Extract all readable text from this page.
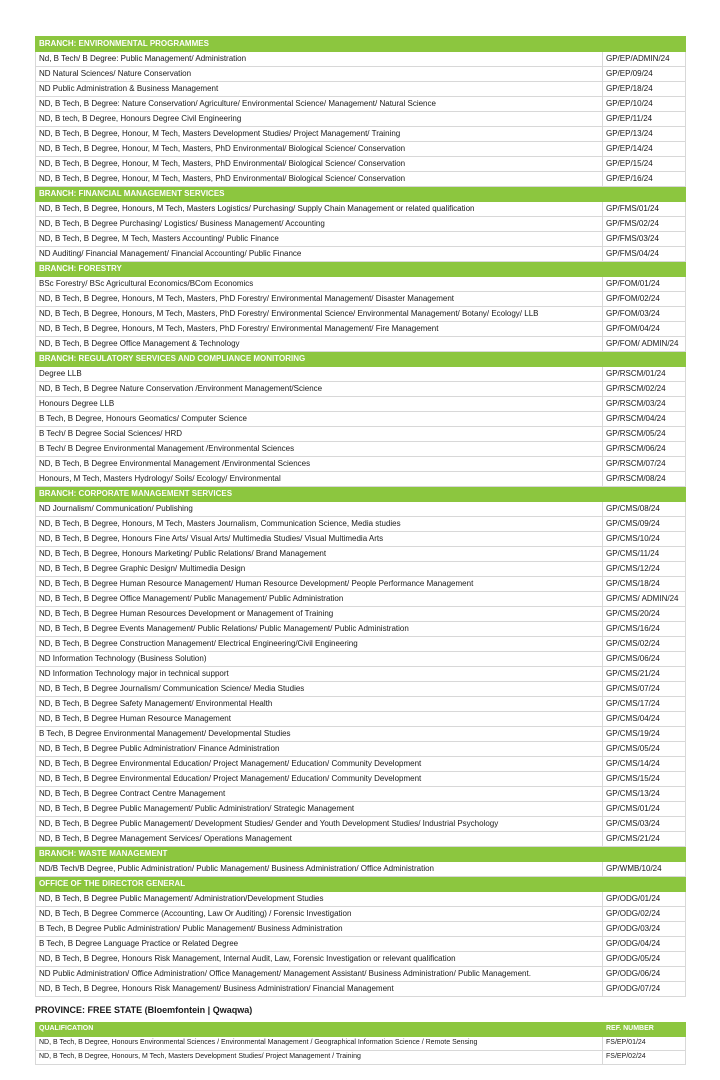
BRANCH: ENVIRONMENTAL PROGRAMMES	
Nd, B Tech/ B Degree: Public Management/ Administration	GP/EP/ADMIN/24
ND Natural Sciences/ Nature Conservation	GP/EP/09/24
ND Public Administration & Business Management	GP/EP/18/24
ND, B Tech, B Degree: Nature Conservation/ Agriculture/ Environmental Science/ Management/ Natural Science	GP/EP/10/24
ND, B tech, B Degree, Honours Degree Civil Engineering	GP/EP/11/24
ND, B Tech, B Degree, Honour, M Tech, Masters Development Studies/ Project Management/ Training	GP/EP/13/24
ND, B Tech, B Degree, Honour, M Tech, Masters, PhD Environmental/ Biological Science/ Conservation	GP/EP/14/24
ND, B Tech, B Degree, Honour, M Tech, Masters, PhD Environmental/ Biological Science/ Conservation	GP/EP/15/24
ND, B Tech, B Degree, Honour, M Tech, Masters, PhD Environmental/ Biological Science/ Conservation	GP/EP/16/24
BRANCH: FINANCIAL MANAGEMENT SERVICES	
ND, B Tech, B Degree, Honours, M Tech, Masters Logistics/ Purchasing/ Supply Chain Management or related qualification	GP/FMS/01/24
ND, B Tech, B Degree Purchasing/ Logistics/ Business Management/ Accounting	GP/FMS/02/24
ND, B Tech, B Degree, M Tech, Masters Accounting/ Public Finance	GP/FMS/03/24
ND Auditing/ Financial Management/ Financial Accounting/ Public Finance	GP/FMS/04/24
BRANCH: FORESTRY	
BSc Forestry/ BSc Agricultural Economics/BCom Economics	GP/FOM/01/24
ND, B Tech, B Degree, Honours, M Tech, Masters, PhD Forestry/ Environmental Management/ Disaster Management	GP/FOM/02/24
ND, B Tech, B Degree, Honours, M Tech, Masters, PhD Forestry/ Environmental Science/ Environmental Management/ Botany/ Ecology/ LLB	GP/FOM/03/24
ND, B Tech, B Degree, Honours, M Tech, Masters, PhD Forestry/ Environmental Management/ Fire Management	GP/FOM/04/24
ND, B Tech, B Degree Office Management & Technology	GP/FOM/ ADMIN/24
BRANCH: REGULATORY SERVICES AND COMPLIANCE MONITORING	
Degree LLB	GP/RSCM/01/24
ND, B Tech, B Degree Nature Conservation /Environment Management/Science	GP/RSCM/02/24
Honours Degree LLB	GP/RSCM/03/24
B Tech, B Degree, Honours Geomatics/ Computer Science	GP/RSCM/04/24
B Tech/ B Degree Social Sciences/ HRD	GP/RSCM/05/24
B Tech/ B Degree Environmental Management /Environmental Sciences	GP/RSCM/06/24
ND, B Tech, B Degree Environmental Management /Environmental Sciences	GP/RSCM/07/24
Honours, M Tech, Masters Hydrology/ Soils/ Ecology/ Environmental	GP/RSCM/08/24
BRANCH: CORPORATE MANAGEMENT SERVICES	
ND Journalism/ Communication/ Publishing	GP/CMS/08/24
ND, B Tech, B Degree, Honours, M Tech, Masters Journalism, Communication Science, Media studies	GP/CMS/09/24
ND, B Tech, B Degree, Honours Fine Arts/ Visual Arts/ Multimedia Studies/ Visual Multimedia Arts	GP/CMS/10/24
ND, B Tech, B Degree, Honours Marketing/ Public Relations/ Brand Management	GP/CMS/11/24
ND, B Tech, B Degree Graphic Design/ Multimedia Design	GP/CMS/12/24
ND, B Tech, B Degree Human Resource Management/ Human Resource Development/ People Performance Management	GP/CMS/18/24
ND, B Tech, B Degree Office Management/ Public Management/ Public Administration	GP/CMS/ ADMIN/24
ND, B Tech, B Degree Human Resources Development or Management of Training	GP/CMS/20/24
ND, B Tech, B Degree Events Management/ Public Relations/ Public Management/ Public Administration	GP/CMS/16/24
ND, B Tech, B Degree Construction Management/ Electrical Engineering/Civil Engineering	GP/CMS/02/24
ND Information Technology (Business Solution)	GP/CMS/06/24
ND Information Technology major in technical support	GP/CMS/21/24
ND, B Tech, B Degree Journalism/ Communication Science/ Media Studies	GP/CMS/07/24
ND, B Tech, B Degree Safety Management/ Environmental Health	GP/CMS/17/24
ND, B Tech, B Degree Human Resource Management	GP/CMS/04/24
B Tech, B Degree Environmental Management/ Developmental Studies	GP/CMS/19/24
ND, B Tech, B Degree Public Administration/ Finance Administration	GP/CMS/05/24
ND, B Tech, B Degree Environmental Education/ Project Management/ Education/ Community Development	GP/CMS/14/24
ND, B Tech, B Degree Environmental Education/ Project Management/ Education/ Community Development	GP/CMS/15/24
ND, B Tech, B Degree Contract Centre Management	GP/CMS/13/24
ND, B Tech, B Degree Public Management/ Public Administration/ Strategic Management	GP/CMS/01/24
ND, B Tech, B Degree Public Management/ Development Studies/ Gender and Youth Development Studies/ Industrial Psychology	GP/CMS/03/24
ND, B Tech, B Degree Management Services/ Operations Management	GP/CMS/21/24
BRANCH: WASTE MANAGEMENT	
ND/B Tech/B Degree, Public Administration/ Public Management/ Business Administration/ Office Administration	GP/WMB/10/24
OFFICE OF THE DIRECTOR GENERAL	
ND, B Tech, B Degree Public Management/ Administration/Development Studies	GP/ODG/01/24
ND, B Tech, B Degree Commerce (Accounting, Law Or Auditing) / Forensic Investigation	GP/ODG/02/24
B Tech, B Degree Public Administration/ Public Management/ Business Administration	GP/ODG/03/24
B Tech, B Degree Language Practice or Related Degree	GP/ODG/04/24
ND, B Tech, B Degree, Honours Risk Management, Internal Audit, Law, Forensic Investigation or relevant qualification	GP/ODG/05/24
ND Public Administration/ Office Administration/ Office Management/ Management Assistant/ Business Administration/ Public Management.	GP/ODG/06/24
ND, B Tech, B Degree, Honours Risk Management/ Business Administration/ Financial Management	GP/ODG/07/24
PROVINCE: FREE STATE (Bloemfontein | Qwaqwa)
QUALIFICATION	REF. NUMBER
ND, B Tech, B Degree, Honours Environmental Sciences / Environmental Management / Geographical Information Science / Remote Sensing	FS/EP/01/24
ND, B Tech, B Degree, Honours, M Tech, Masters Development Studies/ Project Management / Training	FS/EP/02/24
